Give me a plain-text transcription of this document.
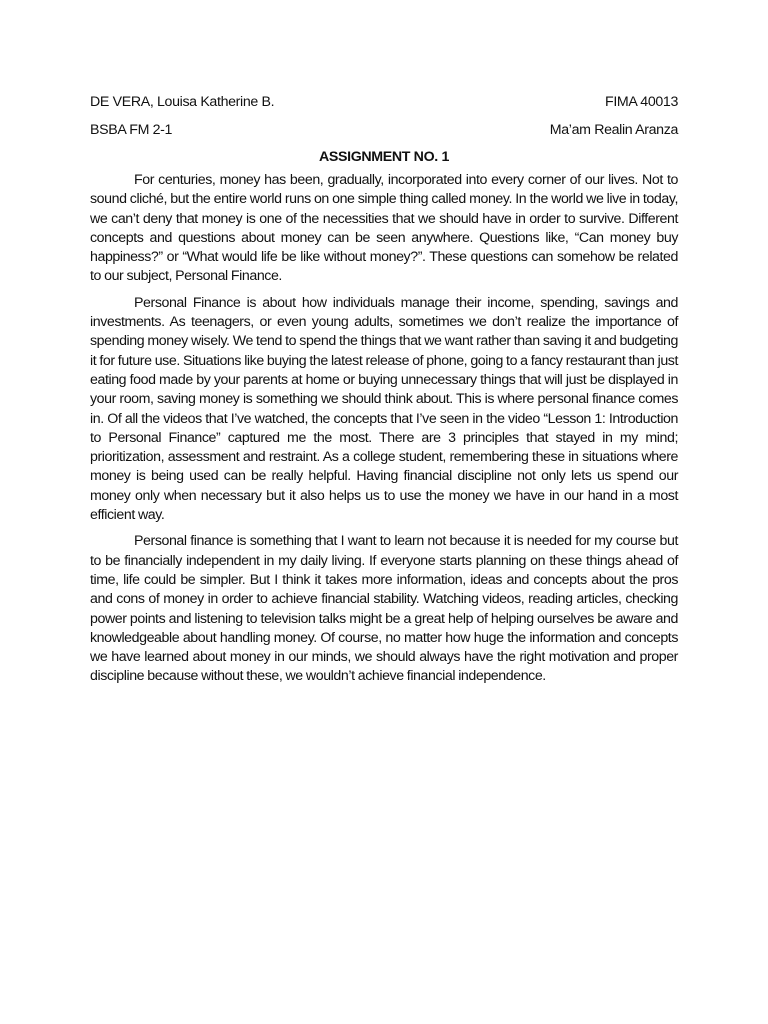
DE VERA, Louisa Katherine B.	FIMA 40013
BSBA FM 2-1	Ma’am Realin Aranza
ASSIGNMENT NO. 1

For centuries, money has been, gradually, incorporated into every corner of our lives. Not to sound cliché, but the entire world runs on one simple thing called money. In the world we live in today, we can’t deny that money is one of the necessities that we should have in order to survive. Different concepts and questions about money can be seen anywhere. Questions like, “Can money buy happiness?” or “What would life be like without money?”. These questions can somehow be related to our subject, Personal Finance.

Personal Finance is about how individuals manage their income, spending, savings and investments. As teenagers, or even young adults, sometimes we don’t realize the importance of spending money wisely. We tend to spend the things that we want rather than saving it and budgeting it for future use. Situations like buying the latest release of phone, going to a fancy restaurant than just eating food made by your parents at home or buying unnecessary things that will just be displayed in your room, saving money is something we should think about. This is where personal finance comes in. Of all the videos that I’ve watched, the concepts that I’ve seen in the video “Lesson 1: Introduction to Personal Finance” captured me the most. There are 3 principles that stayed in my mind; prioritization, assessment and restraint. As a college student, remembering these in situations where money is being used can be really helpful. Having financial discipline not only lets us spend our money only when necessary but it also helps us to use the money we have in our hand in a most efficient way.

Personal finance is something that I want to learn not because it is needed for my course but to be financially independent in my daily living. If everyone starts planning on these things ahead of time, life could be simpler. But I think it takes more information, ideas and concepts about the pros and cons of money in order to achieve financial stability. Watching videos, reading articles, checking power points and listening to television talks might be a great help of helping ourselves be aware and knowledgeable about handling money. Of course, no matter how huge the information and concepts we have learned about money in our minds, we should always have the right motivation and proper discipline because without these, we wouldn’t achieve financial independence.
